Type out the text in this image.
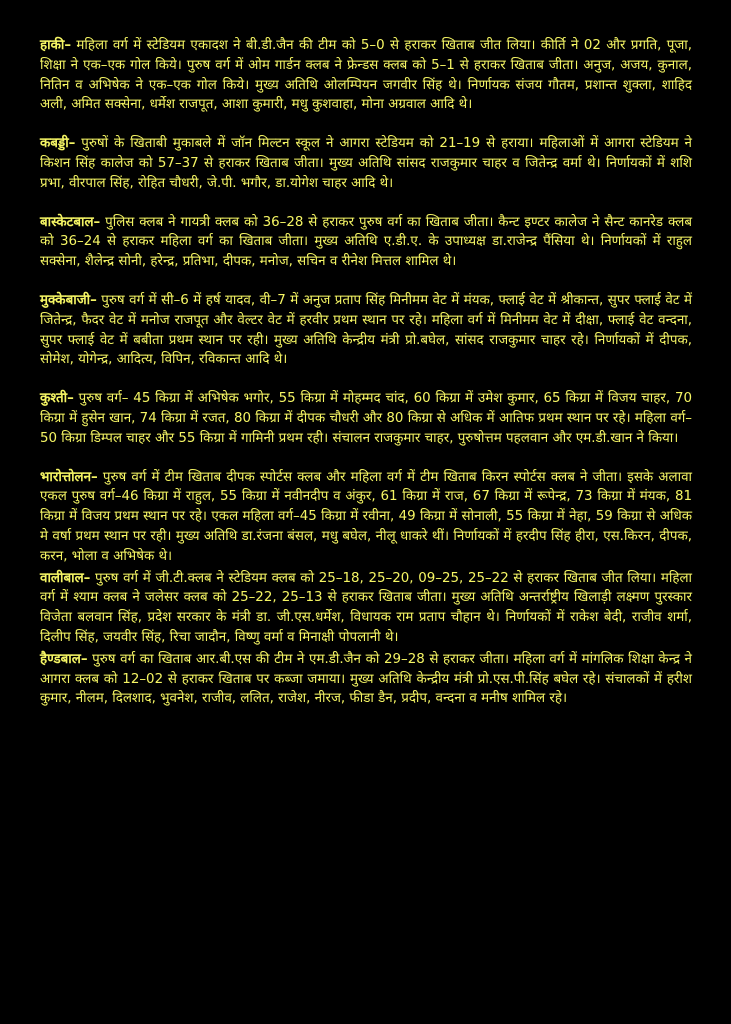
हाकी– महिला वर्ग में स्टेडियम एकादश ने बी.डी.जैन की टीम को 5–0 से हराकर खिताब जीत लिया। कीर्ति ने 02 और प्रगति, पूजा, शिक्षा ने एक–एक गोल किये। पुरुष वर्ग में ओम गार्डन क्लब ने फ्रेन्डस क्लब को 5–1 से हराकर खिताब जीता। अनुज, अजय, कुनाल, नितिन व अभिषेक ने एक–एक गोल किये। मुख्य अतिथि ओलम्पियन जगवीर सिंह थे। निर्णायक संजय गौतम, प्रशान्त शुक्ला, शाहिद अली, अमित सक्सेना, धर्मेश राजपूत, आशा कुमारी, मधु कुशवाहा, मोना अग्रवाल आदि थे।

कबड्डी– पुरुषों के खिताबी मुकाबले में जॉन मिल्टन स्कूल ने आगरा स्टेडियम को 21–19 से हराया। महिलाओं में आगरा स्टेडियम ने किशन सिंह कालेज को 57–37 से हराकर खिताब जीता। मुख्य अतिथि सांसद राजकुमार चाहर व जितेन्द्र वर्मा थे। निर्णायकों में शशि प्रभा, वीरपाल सिंह, रोहित चौधरी, जे.पी. भगौर, डा.योगेश चाहर आदि थे।

बास्केटबाल– पुलिस क्लब ने गायत्री क्लब को 36–28 से हराकर पुरुष वर्ग का खिताब जीता। कैन्ट इण्टर कालेज ने सैन्ट कानरेड क्लब को 36–24 से हराकर महिला वर्ग का खिताब जीता। मुख्य अतिथि ए.डी.ए. के उपाध्यक्ष डा.राजेन्द्र पैंसिया थे। निर्णायकों में राहुल सक्सेना, शैलेन्द्र सोनी, हरेन्द्र, प्रतिभा, दीपक, मनोज, सचिन व रीनेश मित्तल शामिल थे।

मुक्केबाजी– पुरुष वर्ग में सी–6 में हर्ष यादव, वी–7 में अनुज प्रताप सिंह मिनीमम वेट में मंयक, फ्लाई वेट में श्रीकान्त, सुपर फ्लाई वेट में जितेन्द्र, फैदर वेट में मनोज राजपूत और वेल्टर वेट में हरवीर प्रथम स्थान पर रहे। महिला वर्ग में मिनीमम वेट में दीक्षा, फ्लाई वेट वन्दना, सुपर फ्लाई वेट में बबीता प्रथम स्थान पर रही। मुख्य अतिथि केन्द्रीय मंत्री प्रो.बघेल, सांसद राजकुमार चाहर रहे। निर्णायकों में दीपक, सोमेश, योगेन्द्र, आदित्य, विपिन, रविकान्त आदि थे।

कुश्ती– पुरुष वर्ग– 45 किग्रा में अभिषेक भगोर, 55 किग्रा में मोहम्मद चांद, 60 किग्रा में उमेश कुमार, 65 किग्रा में विजय चाहर, 70 किग्रा में हुसेन खान, 74 किग्रा में रजत, 80 किग्रा में दीपक चौधरी और 80 किग्रा से अधिक में आतिफ प्रथम स्थान पर रहे। महिला वर्ग– 50 किग्रा डिम्पल चाहर और 55 किग्रा में गामिनी प्रथम रही। संचालन राजकुमार चाहर, पुरुषोत्तम पहलवान और एम.डी.खान ने किया।

भारोत्तोलन– पुरुष वर्ग में टीम खिताब दीपक स्पोर्टस क्लब और महिला वर्ग में टीम खिताब किरन स्पोर्टस क्लब ने जीता। इसके अलावा एकल पुरुष वर्ग–46 किग्रा में राहुल, 55 किग्रा में नवीनदीप व अंकुर, 61 किग्रा में राज, 67 किग्रा में रूपेन्द्र, 73 किग्रा में मंयक, 81 किग्रा में विजय प्रथम स्थान पर रहे। एकल महिला वर्ग–45 किग्रा में रवीना, 49 किग्रा में सोनाली, 55 किग्रा में नेहा, 59 किग्रा से अधिक मे वर्षा प्रथम स्थान पर रही। मुख्य अतिथि डा.रंजना बंसल, मधु बघेल, नीलू धाकरे थीं। निर्णायकों में हरदीप सिंह हीरा, एस.किरन, दीपक, करन, भोला व अभिषेक थे।

वालीबाल– पुरुष वर्ग में जी.टी.क्लब ने स्टेडियम क्लब को 25–18, 25–20, 09–25, 25–22 से हराकर खिताब जीत लिया। महिला वर्ग में श्याम क्लब ने जलेसर क्लब को 25–22, 25–13 से हराकर खिताब जीता। मुख्य अतिथि अन्तर्राष्ट्रीय खिलाड़ी लक्ष्मण पुरस्कार विजेता बलवान सिंह, प्रदेश सरकार के मंत्री डा. जी.एस.धर्मेश, विधायक राम प्रताप चौहान थे। निर्णायकों में राकेश बेदी, राजीव शर्मा, दिलीप सिंह, जयवीर सिंह, रिचा जादौन, विष्णु वर्मा व मिनाक्षी पोपलानी थे।

हैण्डबाल– पुरुष वर्ग का खिताब आर.बी.एस की टीम ने एम.डी.जैन को 29–28 से हराकर जीता। महिला वर्ग में मांगलिक शिक्षा केन्द्र ने आगरा क्लब को 12–02 से हराकर खिताब पर कब्जा जमाया। मुख्य अतिथि केन्द्रीय मंत्री प्रो.एस.पी.सिंह बघेल रहे। संचालकों में हरीश कुमार, नीलम, दिलशाद, भुवनेश, राजीव, ललित, राजेश, नीरज, फीडा डैन, प्रदीप, वन्दना व मनीष शामिल रहे।
